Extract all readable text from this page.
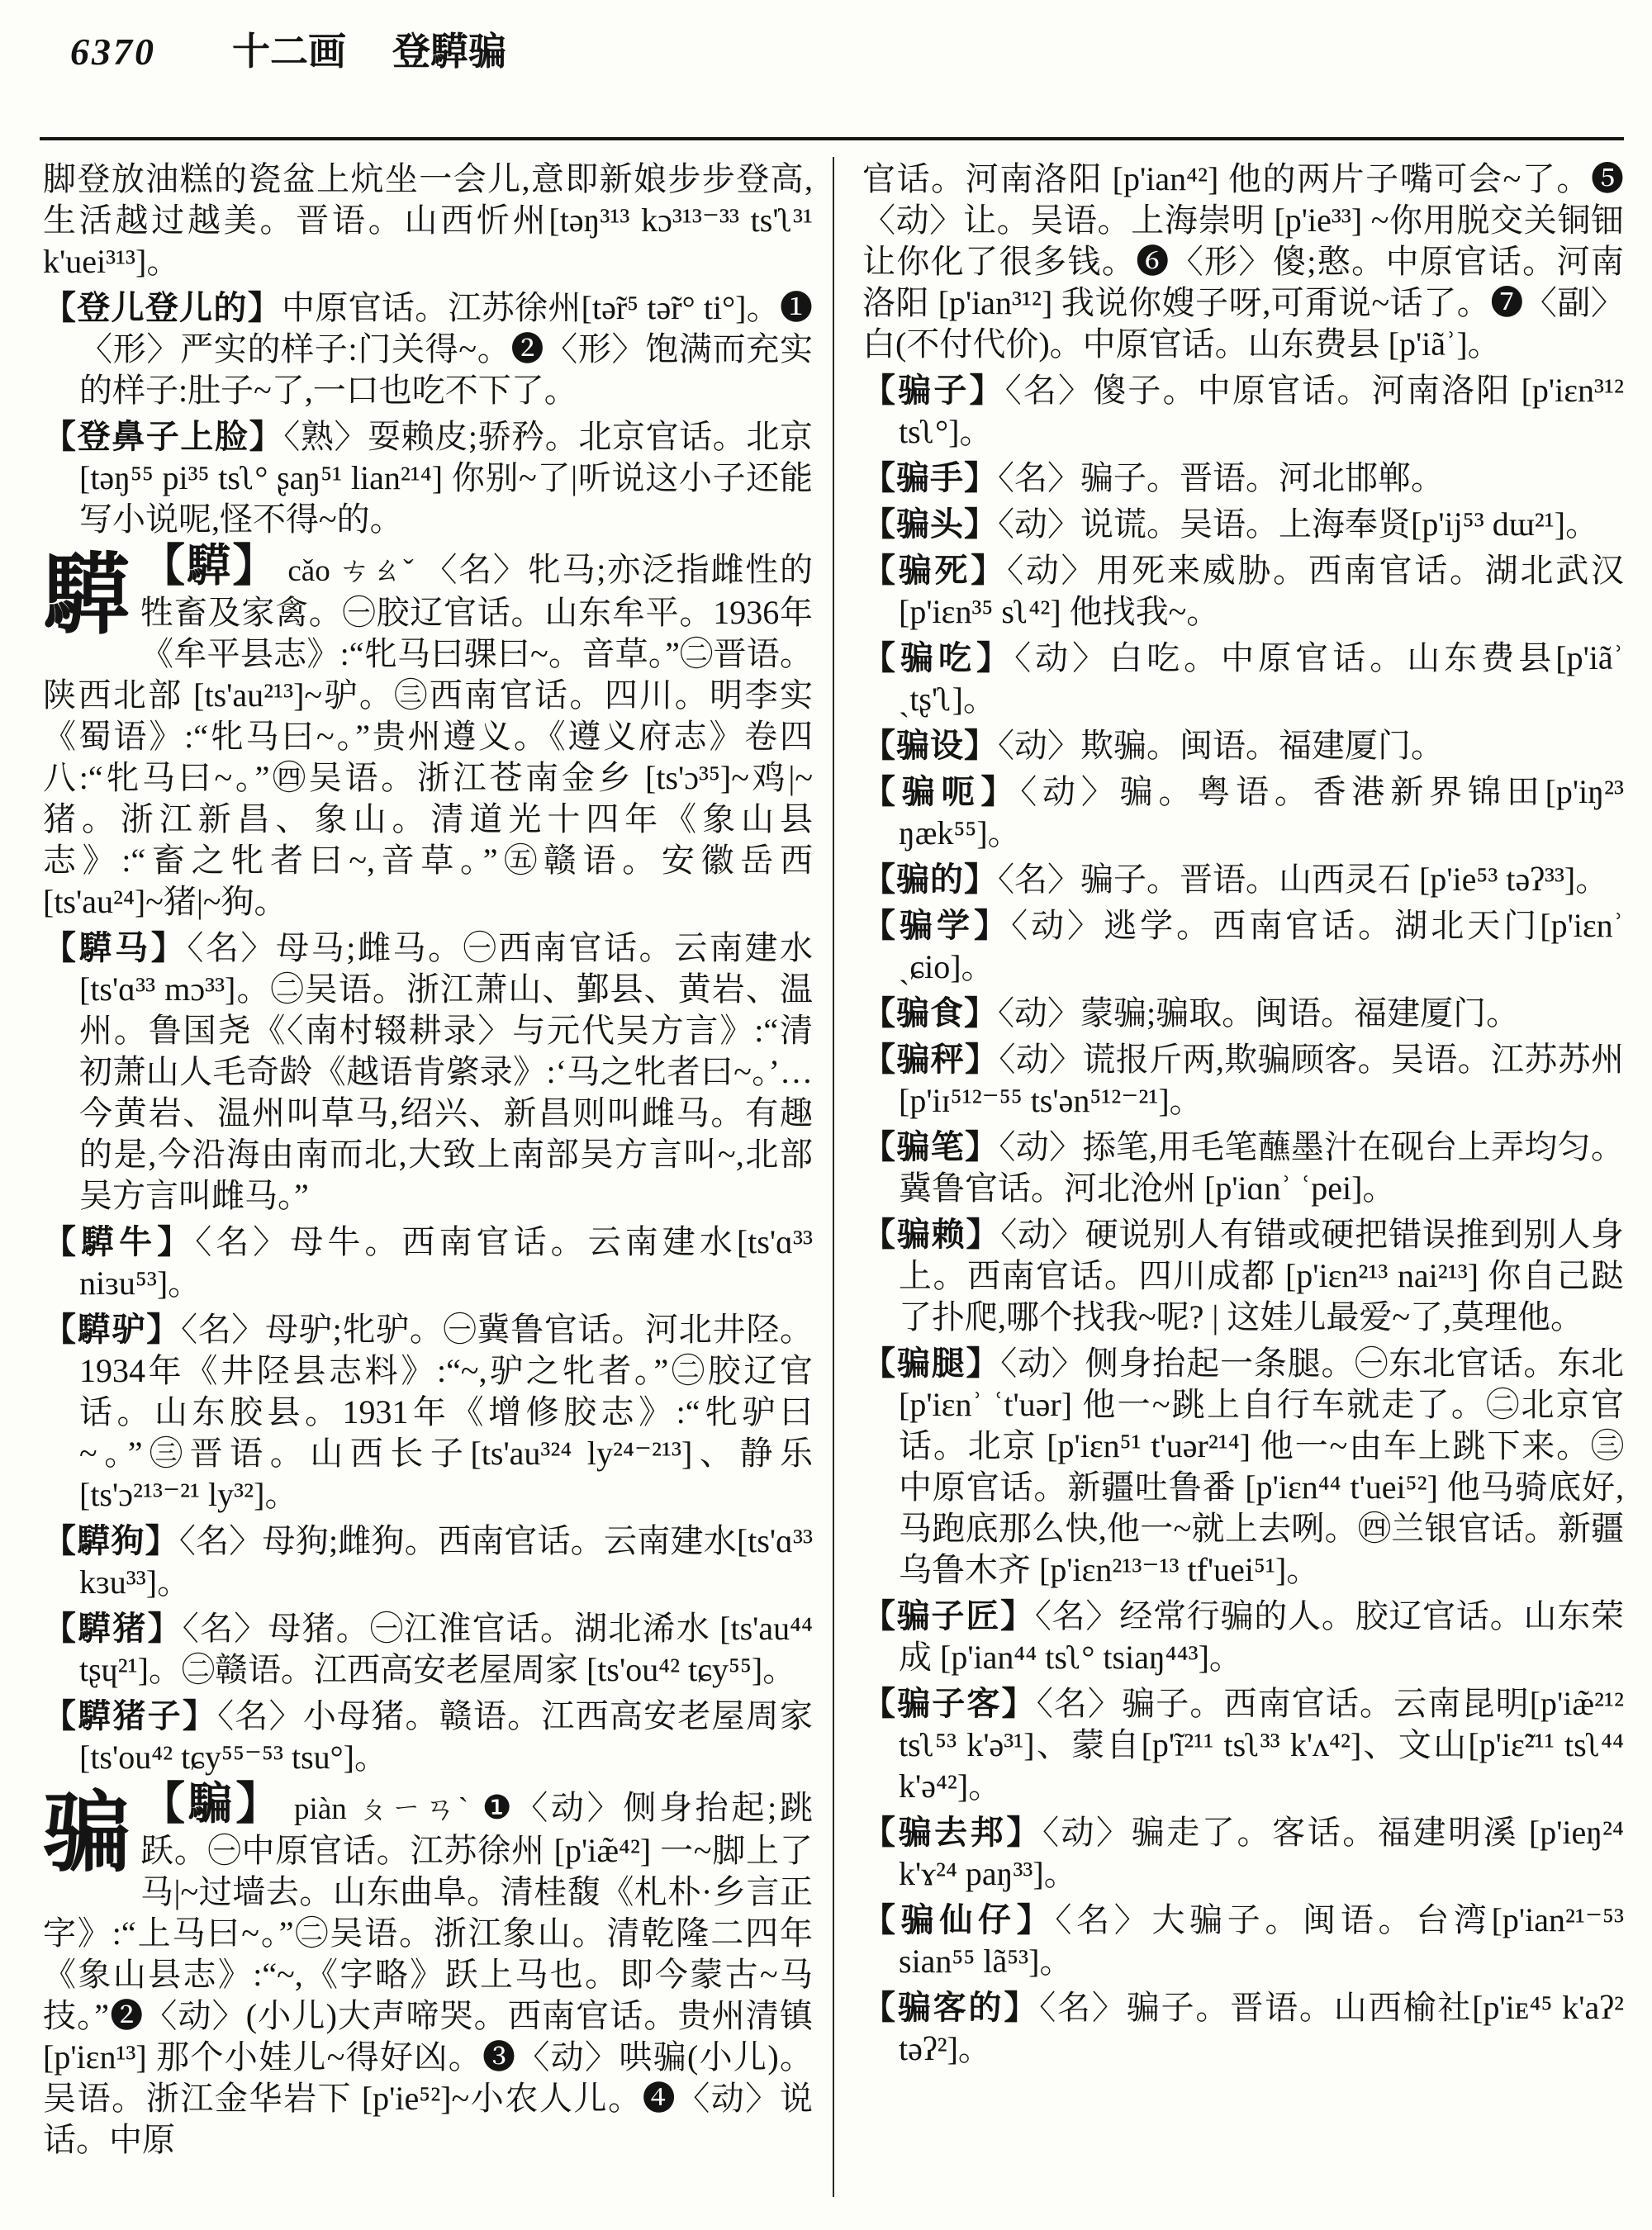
6370 十二画 登騲骗

脚登放油糕的瓷盆上炕坐一会儿,意即新娘步步登高,生活越过越美。晋语。山西忻州[təŋ³¹³ kɔ³¹³⁻³³ ts'ʅ³¹ k'uei³¹³]。

【登儿登儿的】中原官话。江苏徐州[tə̃r⁵ tə̃r° ti°]。❶〈形〉严实的样子:门关得~。❷〈形〉饱满而充实的样子:肚子~了,一口也吃不下了。

【登鼻子上脸】〈熟〉耍赖皮;骄矜。北京官话。北京[təŋ⁵⁵ pi³⁵ tsʅ° ʂaŋ⁵¹ lian²¹⁴] 你别~了|听说这小子还能写小说呢,怪不得~的。

騲 【騲】 cǎo ㄘㄠˇ 〈名〉牝马;亦泛指雌性的牲畜及家禽。㊀胶辽官话。山东牟平。1936年《牟平县志》:“牝马曰骒曰~。音草。”㊁晋语。陕西北部 [ts'au²¹³]~驴。㊂西南官话。四川。明李实《蜀语》:“牝马曰~。”贵州遵义。《遵义府志》卷四八:“牝马曰~。”㊃吴语。浙江苍南金乡 [ts'ɔ³⁵]~鸡|~猪。浙江新昌、象山。清道光十四年《象山县志》:“畜之牝者曰~,音草。”㊄赣语。安徽岳西 [ts'au²⁴]~猪|~狗。

【騲马】〈名〉母马;雌马。㊀西南官话。云南建水[ts'ɑ³³ mɔ³³]。㊁吴语。浙江萧山、鄞县、黄岩、温州。鲁国尧《〈南村辍耕录〉与元代吴方言》:“清初萧山人毛奇龄《越语肯綮录》:‘马之牝者曰~。’…今黄岩、温州叫草马,绍兴、新昌则叫雌马。有趣的是,今沿海由南而北,大致上南部吴方言叫~,北部吴方言叫雌马。”

【騲牛】〈名〉母牛。西南官话。云南建水[ts'ɑ³³ niɜu⁵³]。

【騲驴】〈名〉母驴;牝驴。㊀冀鲁官话。河北井陉。1934年《井陉县志料》:“~,驴之牝者。”㊁胶辽官话。山东胶县。1931年《增修胶志》:“牝驴曰~。”㊂晋语。山西长子[ts'au³²⁴ ly²⁴⁻²¹³]、静乐 [ts'ɔ²¹³⁻²¹ ly³²]。

【騲狗】〈名〉母狗;雌狗。西南官话。云南建水[ts'ɑ³³ kɜu³³]。

【騲猪】〈名〉母猪。㊀江淮官话。湖北浠水 [ts'au⁴⁴ tʂɥ²¹]。㊁赣语。江西高安老屋周家 [ts'ou⁴² tɕy⁵⁵]。

【騲猪子】〈名〉小母猪。赣语。江西高安老屋周家[ts'ou⁴² tɕy⁵⁵⁻⁵³ tsu°]。

骗 【騙】 piàn ㄆㄧㄢˋ ❶〈动〉侧身抬起;跳跃。㊀中原官话。江苏徐州 [p'iæ̃⁴²] 一~脚上了马|~过墙去。山东曲阜。清桂馥《札朴·乡言正字》:“上马曰~。”㊁吴语。浙江象山。清乾隆二四年《象山县志》:“~,《字略》跃上马也。即今蒙古~马技。”❷〈动〉(小儿)大声啼哭。西南官话。贵州清镇 [p'iɛn¹³] 那个小娃儿~得好凶。❸〈动〉哄骗(小儿)。吴语。浙江金华岩下 [p'ie⁵²]~小农人儿。❹〈动〉说话。中原

官话。河南洛阳 [p'ian⁴²] 他的两片子嘴可会~了。❺〈动〉让。吴语。上海崇明 [p'ie³³] ~你用脱交关铜钿让你化了很多钱。❻〈形〉傻;憨。中原官话。河南洛阳 [p'ian³¹²] 我说你嫂子呀,可甭说~话了。❼〈副〉白(不付代价)。中原官话。山东费县 [p'iãʾ]。

【骗子】〈名〉傻子。中原官话。河南洛阳 [p'iɛn³¹² tsʅ°]。

【骗手】〈名〉骗子。晋语。河北邯郸。

【骗头】〈动〉说谎。吴语。上海奉贤[p'ij⁵³ dɯ²¹]。

【骗死】〈动〉用死来威胁。西南官话。湖北武汉 [p'iɛn³⁵ sʅ⁴²] 他找我~。

【骗吃】〈动〉白吃。中原官话。山东费县[p'iãʾ ˎtʂ'ʅ]。

【骗设】〈动〉欺骗。闽语。福建厦门。

【骗呃】〈动〉骗。粤语。香港新界锦田[p'iŋ²³ ŋæk⁵⁵]。

【骗的】〈名〉骗子。晋语。山西灵石 [p'ie⁵³ təʔ³³]。

【骗学】〈动〉逃学。西南官话。湖北天门[p'iɛnʾ ˎɕio]。

【骗食】〈动〉蒙骗;骗取。闽语。福建厦门。

【骗秤】〈动〉谎报斤两,欺骗顾客。吴语。江苏苏州 [p'iɪ⁵¹²⁻⁵⁵ ts'ən⁵¹²⁻²¹]。

【骗笔】〈动〉掭笔,用毛笔蘸墨汁在砚台上弄均匀。冀鲁官话。河北沧州 [p'iɑnʾ ʿpei]。

【骗赖】〈动〉硬说别人有错或硬把错误推到别人身上。西南官话。四川成都 [p'iɛn²¹³ nai²¹³] 你自己跶了扑爬,哪个找我~呢? | 这娃儿最爱~了,莫理他。

【骗腿】〈动〉侧身抬起一条腿。㊀东北官话。东北[p'iɛnʾ ʿt'uər] 他一~跳上自行车就走了。㊁北京官话。北京 [p'iɛn⁵¹ t'uər²¹⁴] 他一~由车上跳下来。㊂中原官话。新疆吐鲁番 [p'iɛn⁴⁴ t'uei⁵²] 他马骑底好,马跑底那么快,他一~就上去咧。㊃兰银官话。新疆乌鲁木齐 [p'iɛn²¹³⁻¹³ tf'uei⁵¹]。

【骗子匠】〈名〉经常行骗的人。胶辽官话。山东荣成 [p'ian⁴⁴ tsʅ° tsiaŋ⁴⁴³]。

【骗子客】〈名〉骗子。西南官话。云南昆明[p'iæ̃²¹² tsʅ⁵³ k'ə³¹]、蒙自[p'ĩ²¹¹ tsʅ³³ k'ʌ⁴²]、文山[p'iɛ̃²¹¹ tsʅ⁴⁴ k'ə⁴²]。

【骗去邦】〈动〉骗走了。客话。福建明溪 [p'ieŋ²⁴ k'ɤ²⁴ paŋ³³]。

【骗仙仔】〈名〉大骗子。闽语。台湾[p'ian²¹⁻⁵³ sian⁵⁵ lã⁵³]。

【骗客的】〈名〉骗子。晋语。山西榆社[p'iᴇ⁴⁵ k'aʔ² təʔ²]。
